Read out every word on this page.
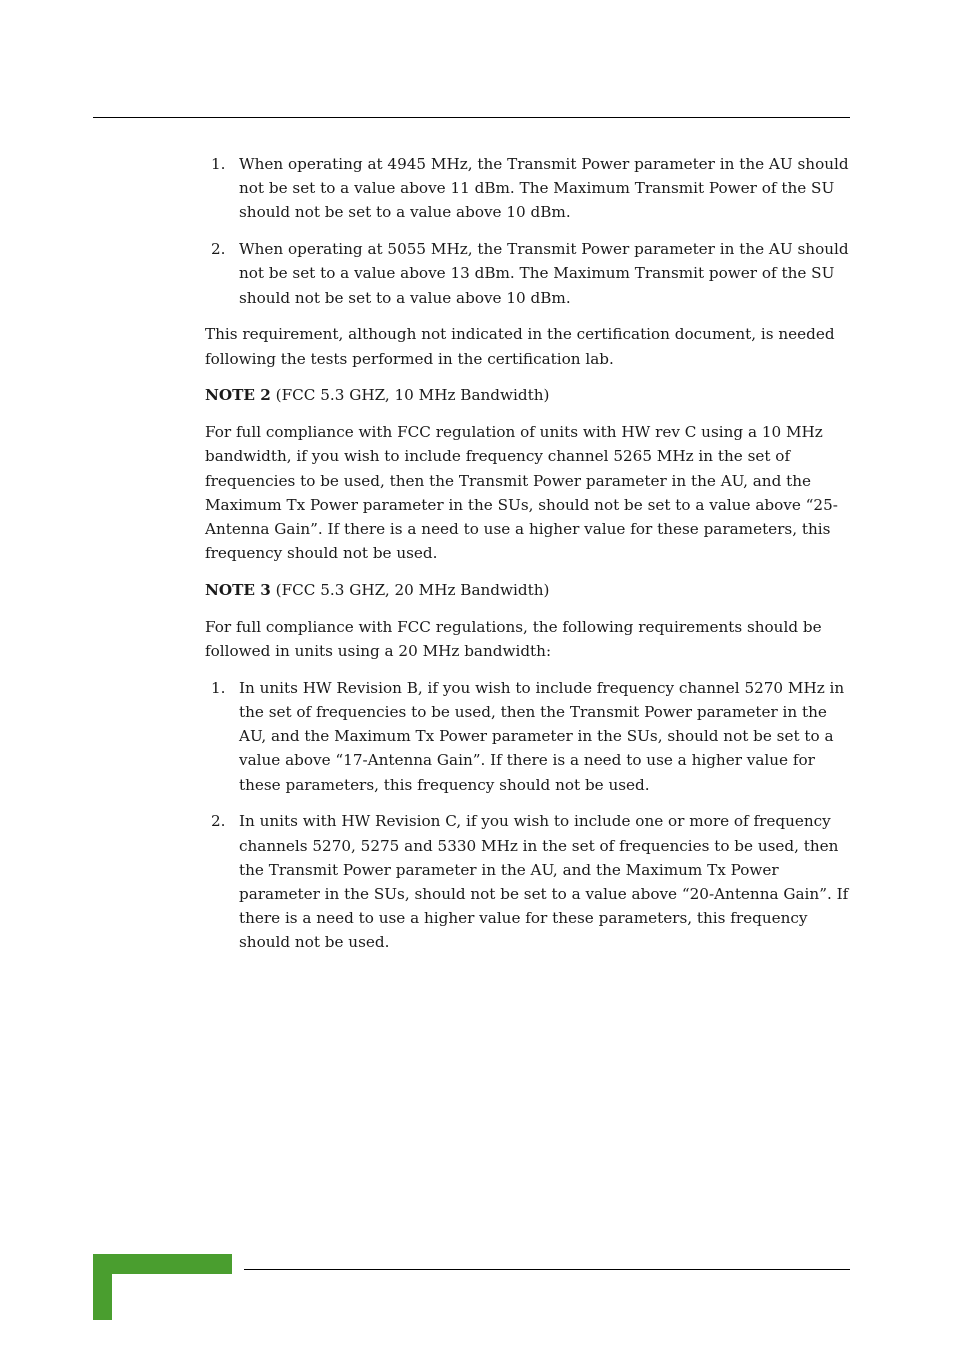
1. When operating at 4945 MHz, the Transmit Power parameter in the AU should not be set to a value above 11 dBm. The Maximum Transmit Power of the SU should not be set to a value above 10 dBm.
2. When operating at 5055 MHz, the Transmit Power parameter in the AU should not be set to a value above 13 dBm. The Maximum Transmit power of the SU should not be set to a value above 10 dBm.

This requirement, although not indicated in the certification document, is needed following the tests performed in the certification lab.

NOTE 2 (FCC 5.3 GHZ, 10 MHz Bandwidth)

For full compliance with FCC regulation of units with HW rev C using a 10 MHz bandwidth, if you wish to include frequency channel 5265 MHz in the set of frequencies to be used, then the Transmit Power parameter in the AU, and the Maximum Tx Power parameter in the SUs, should not be set to a value above “25-Antenna Gain”. If there is a need to use a higher value for these parameters, this frequency should not be used.

NOTE 3 (FCC 5.3 GHZ, 20 MHz Bandwidth)

For full compliance with FCC regulations, the following requirements should be followed in units using a 20 MHz bandwidth:

1. In units HW Revision B, if you wish to include frequency channel 5270 MHz in the set of frequencies to be used, then the Transmit Power parameter in the AU, and the Maximum Tx Power parameter in the SUs, should not be set to a value above “17-Antenna Gain”. If there is a need to use a higher value for these parameters, this frequency should not be used.
2. In units with HW Revision C, if you wish to include one or more of frequency channels 5270, 5275 and 5330 MHz in the set of frequencies to be used, then the Transmit Power parameter in the AU, and the Maximum Tx Power parameter in the SUs, should not be set to a value above “20-Antenna Gain”. If there is a need to use a higher value for these parameters, this frequency should not be used.
